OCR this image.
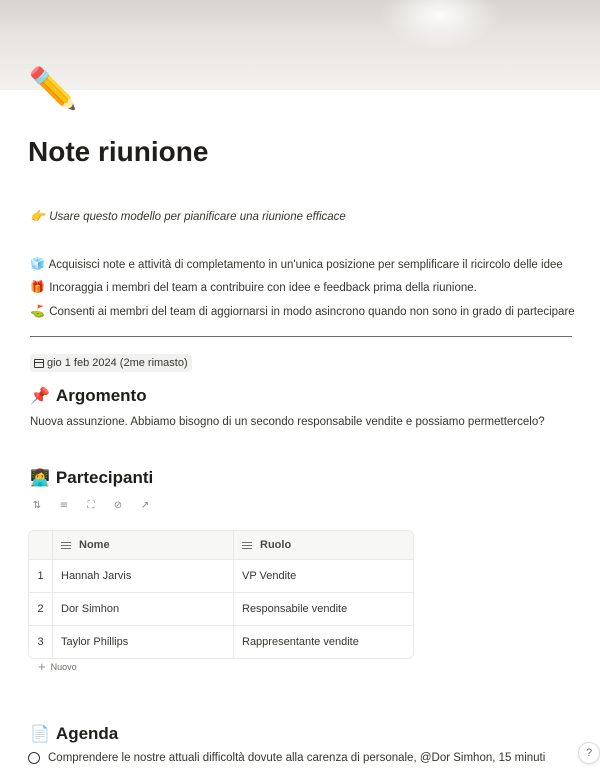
✏️
Note riunione
👉 Usare questo modello per pianificare una riunione efficace
🧊 Acquisisci note e attività di completamento in un'unica posizione per semplificare il ricircolo delle idee
🎁 Incoraggia i membri del team a contribuire con idee e feedback prima della riunione.
⛳ Consenti ai membri del team di aggiornarsi in modo asincrono quando non sono in grado di partecipare
gio 1 feb 2024 (2me rimasto)
📌 Argomento
Nuova assunzione. Abbiamo bisogno di un secondo responsabile vendite e possiamo permettercelo?
👩‍💻 Partecipanti
⇅ ≡	⛶	⊘ ↗
Nome	Ruolo
1	Hannah Jarvis	VP Vendite
2	Dor Simhon	Responsabile vendite
3	Taylor Phillips	Rappresentante vendite
+ Nuovo
📄 Agenda
Comprendere le nostre attuali difficoltà dovute alla carenza di personale, @Dor Simhon, 15 minuti	?
